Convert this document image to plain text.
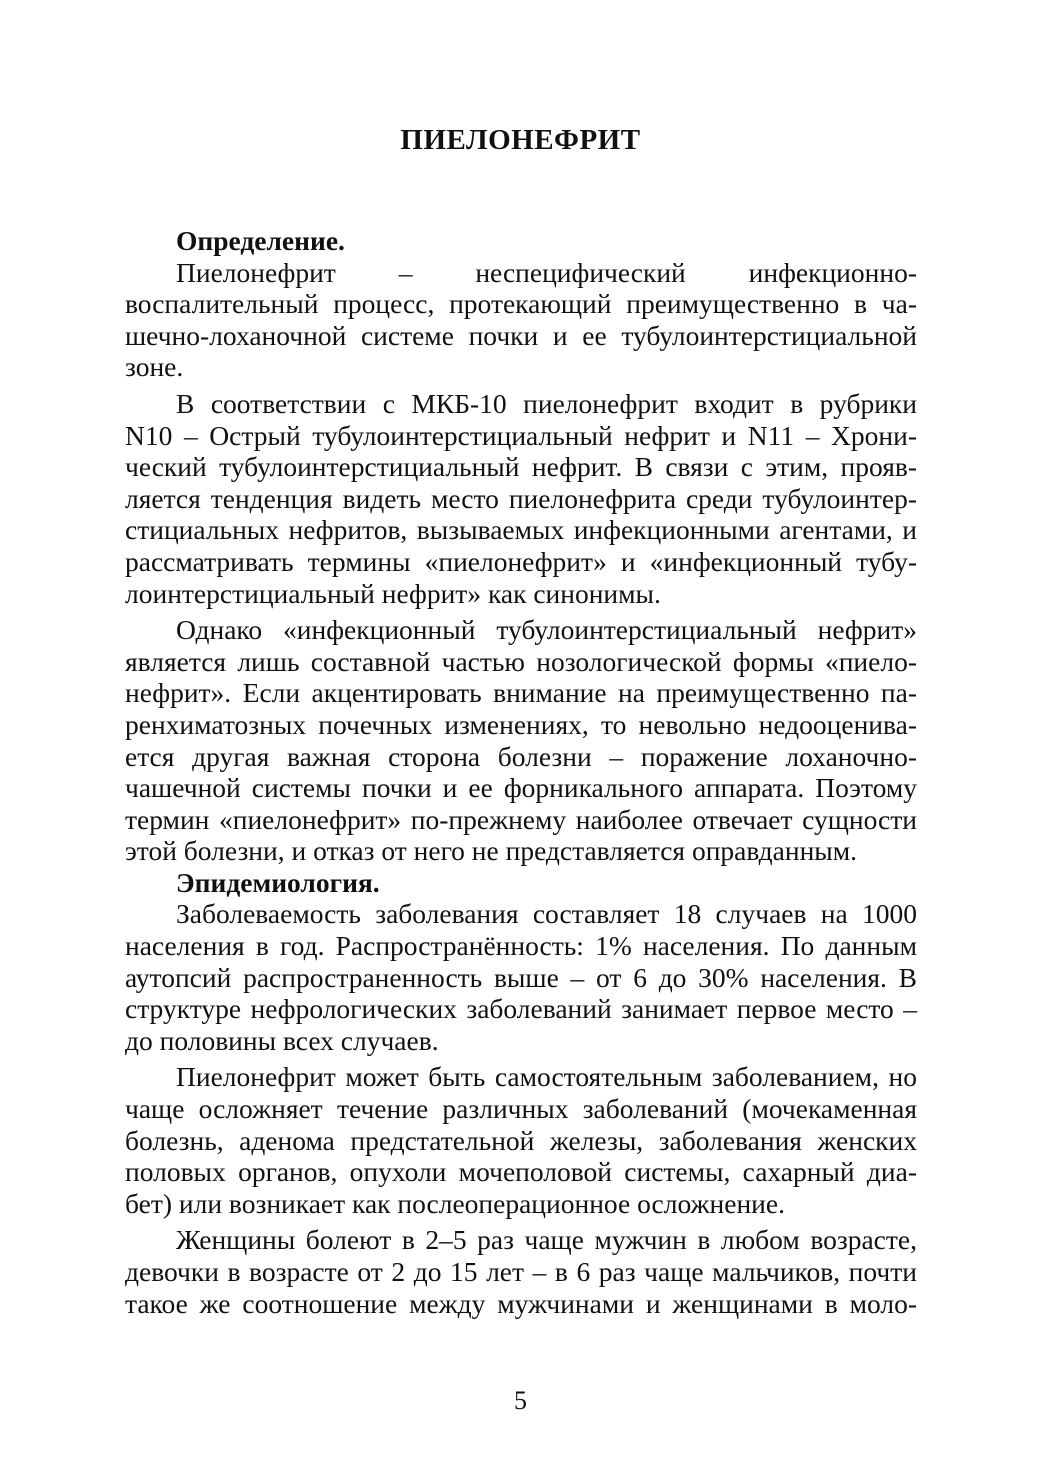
ПИЕЛОНЕФРИТ
Определение.
Пиелонефрит – неспецифический инфекционно-
воспалительный процесс, протекающий преимущественно в ча-
шечно-лоханочной системе почки и ее тубулоинтерстициальной
зоне.
В соответствии с МКБ-10 пиелонефрит входит в рубрики
N10 – Острый тубулоинтерстициальный нефрит и N11 – Хрони-
ческий тубулоинтерстициальный нефрит. В связи с этим, прояв-
ляется тенденция видеть место пиелонефрита среди тубулоинтер-
стициальных нефритов, вызываемых инфекционными агентами, и
рассматривать термины «пиелонефрит» и «инфекционный тубу-
лоинтерстициальный нефрит» как синонимы.
Однако «инфекционный тубулоинтерстициальный нефрит»
является лишь составной частью нозологической формы «пиело-
нефрит». Если акцентировать внимание на преимущественно па-
ренхиматозных почечных изменениях, то невольно недооценива-
ется другая важная сторона болезни – поражение лоханочно-
чашечной системы почки и ее форникального аппарата. Поэтому
термин «пиелонефрит» по-прежнему наиболее отвечает сущности
этой болезни, и отказ от него не представляется оправданным.
Эпидемиология.
Заболеваемость заболевания составляет 18 случаев на 1000
населения в год. Распространённость: 1% населения. По данным
аутопсий распространенность выше – от 6 до 30% населения. В
структуре нефрологических заболеваний занимает первое место –
до половины всех случаев.
Пиелонефрит может быть самостоятельным заболеванием, но
чаще осложняет течение различных заболеваний (мочекаменная
болезнь, аденома предстательной железы, заболевания женских
половых органов, опухоли мочеполовой системы, сахарный диа-
бет) или возникает как послеоперационное осложнение.
Женщины болеют в 2–5 раз чаще мужчин в любом возрасте,
девочки в возрасте от 2 до 15 лет – в 6 раз чаще мальчиков, почти
такое же соотношение между мужчинами и женщинами в моло-
5
